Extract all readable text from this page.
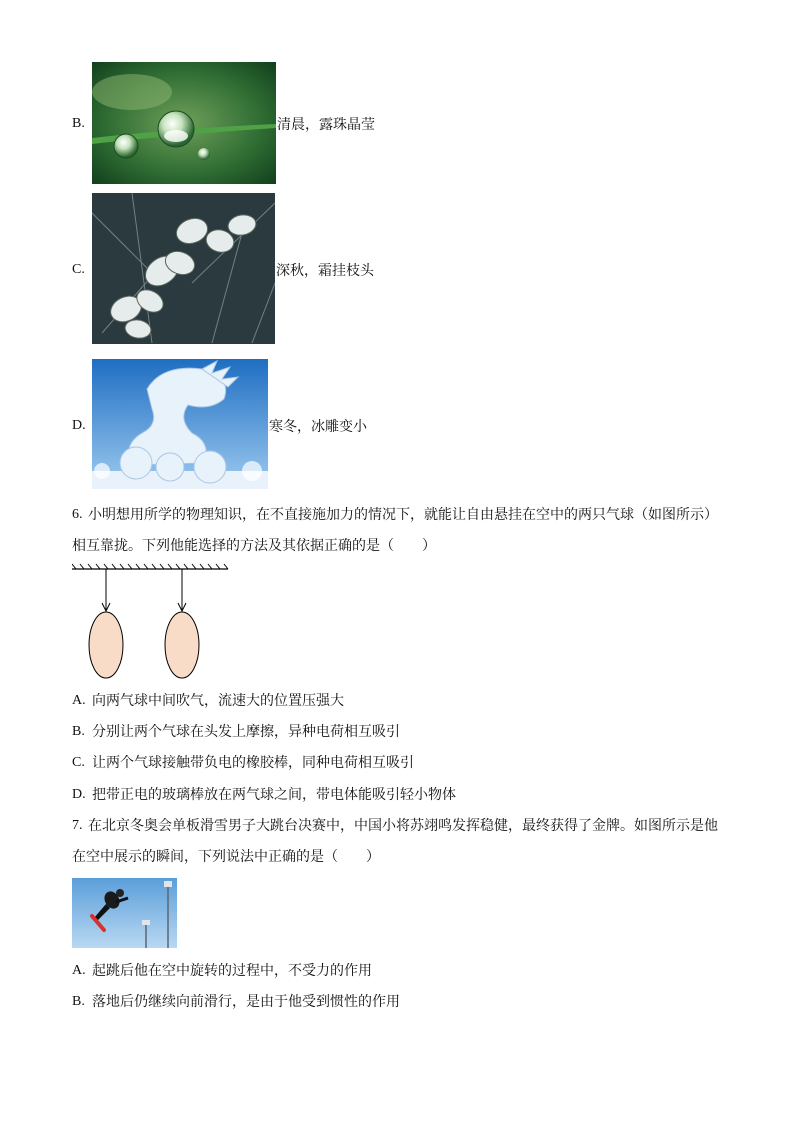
B.	清晨，露珠晶莹
C.	深秋，霜挂枝头
D.	寒冬，冰雕变小
6. 小明想用所学的物理知识，在不直接施加力的情况下，就能让自由悬挂在空中的两只气球（如图所示）
相互靠拢。下列他能选择的方法及其依据正确的是（　　）
A. 向两气球中间吹气，流速大的位置压强大
B. 分别让两个气球在头发上摩擦，异种电荷相互吸引
C. 让两个气球接触带负电的橡胶棒，同种电荷相互吸引
D. 把带正电的玻璃棒放在两气球之间，带电体能吸引轻小物体
7. 在北京冬奥会单板滑雪男子大跳台决赛中，中国小将苏翊鸣发挥稳健，最终获得了金牌。如图所示是他
在空中展示的瞬间，下列说法中正确的是（　　）
A. 起跳后他在空中旋转的过程中，不受力的作用
B. 落地后仍继续向前滑行，是由于他受到惯性的作用
